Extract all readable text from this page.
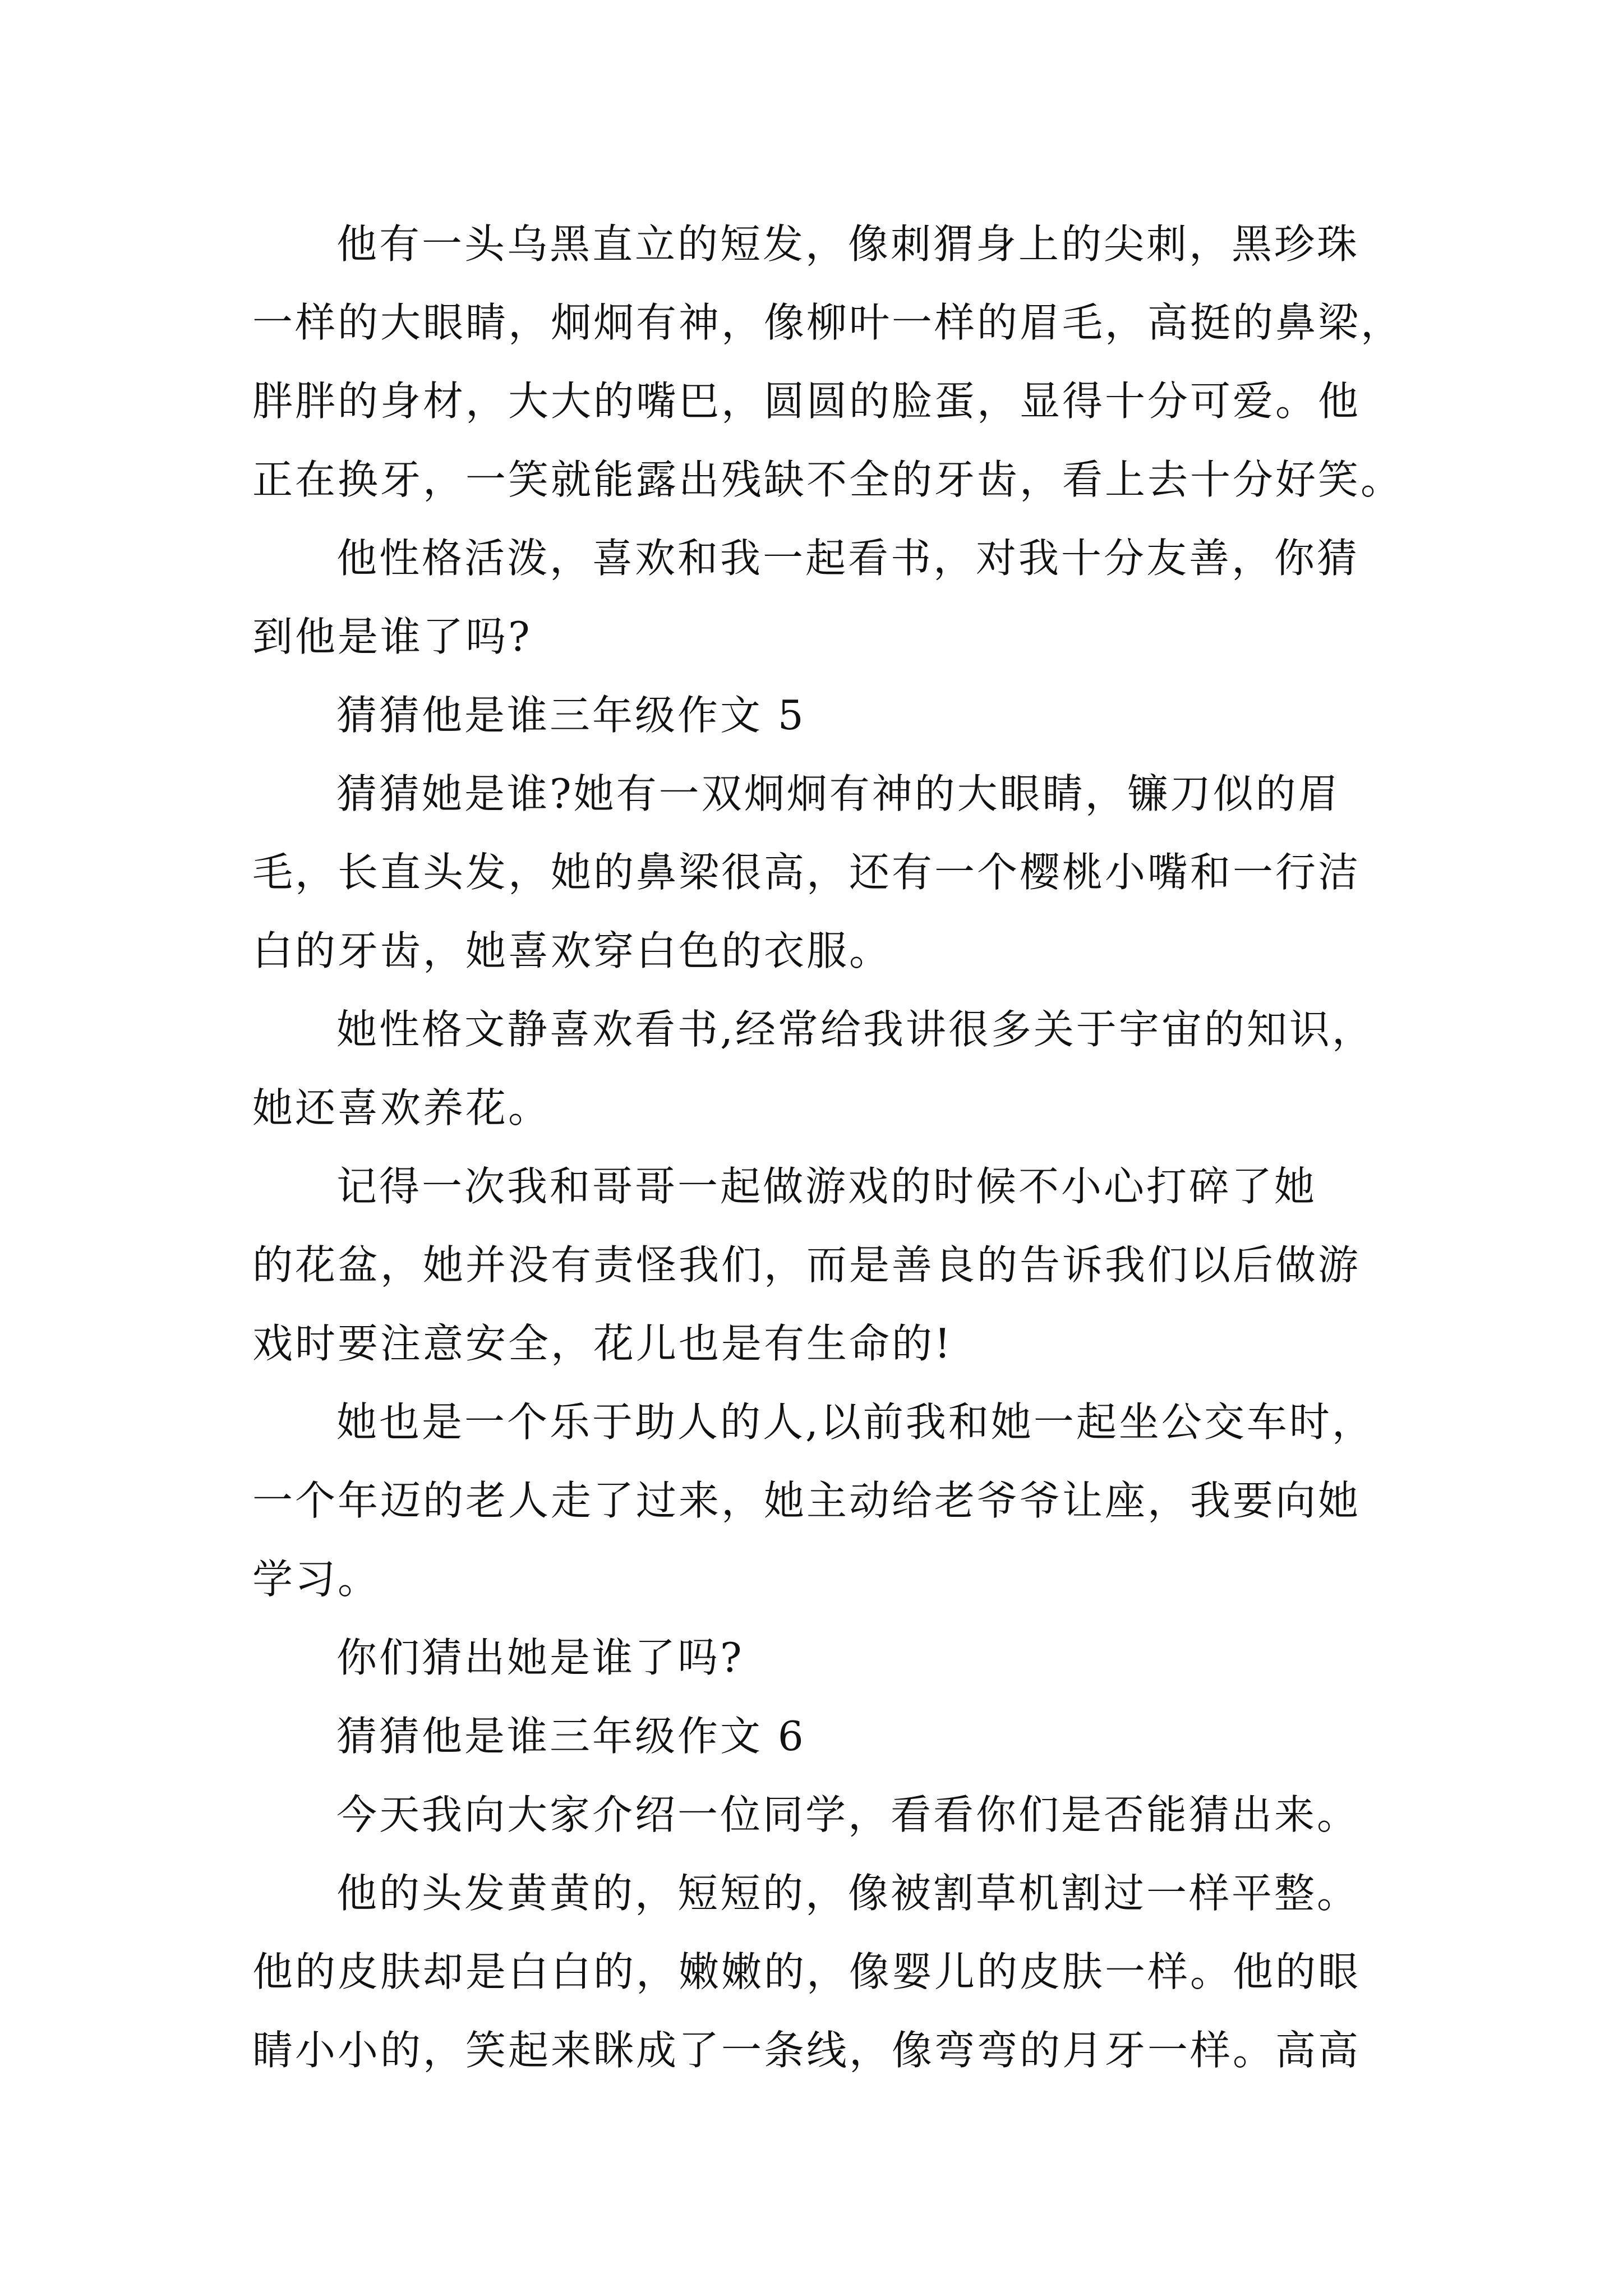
他有一头乌黑直立的短发，像刺猬身上的尖刺，黑珍珠
一样的大眼睛，炯炯有神，像柳叶一样的眉毛，高挺的鼻梁，
胖胖的身材，大大的嘴巴，圆圆的脸蛋，显得十分可爱。他
正在换牙，一笑就能露出残缺不全的牙齿，看上去十分好笑。
他性格活泼，喜欢和我一起看书，对我十分友善，你猜
到他是谁了吗?
猜猜他是谁三年级作文 5
猜猜她是谁?她有一双炯炯有神的大眼睛，镰刀似的眉
毛，长直头发，她的鼻梁很高，还有一个樱桃小嘴和一行洁
白的牙齿，她喜欢穿白色的衣服。
她性格文静喜欢看书,经常给我讲很多关于宇宙的知识，
她还喜欢养花。
记得一次我和哥哥一起做游戏的时候不小心打碎了她
的花盆，她并没有责怪我们，而是善良的告诉我们以后做游
戏时要注意安全，花儿也是有生命的!
她也是一个乐于助人的人,以前我和她一起坐公交车时，
一个年迈的老人走了过来，她主动给老爷爷让座，我要向她
学习。
你们猜出她是谁了吗?
猜猜他是谁三年级作文 6
今天我向大家介绍一位同学，看看你们是否能猜出来。
他的头发黄黄的，短短的，像被割草机割过一样平整。
他的皮肤却是白白的，嫩嫩的，像婴儿的皮肤一样。他的眼
睛小小的，笑起来眯成了一条线，像弯弯的月牙一样。高高
